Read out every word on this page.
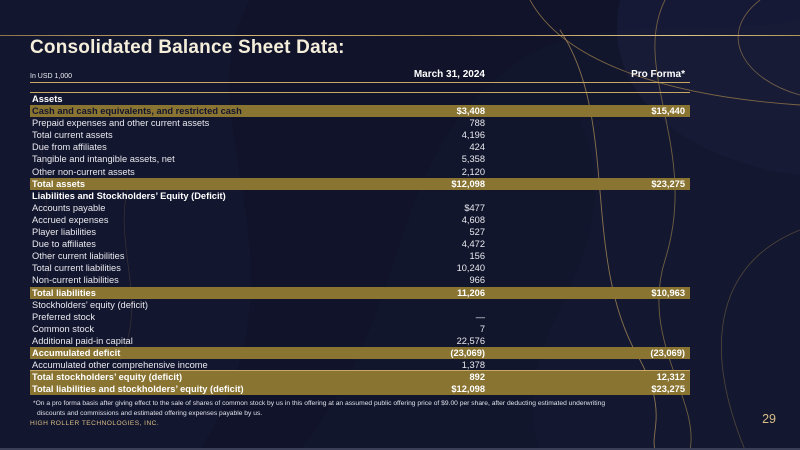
Consolidated Balance Sheet Data:
In USD 1,000	March 31, 2024	Pro Forma*
Assets
Cash and cash equivalents, and restricted cash	$3,408	$15,440
Prepaid expenses and other current assets	788
Total current assets	4,196
Due from affiliates	424
Tangible and intangible assets, net	5,358
Other non-current assets	2,120
Total assets	$12,098	$23,275
Liabilities and Stockholders’ Equity (Deficit)
Accounts payable	$477
Accrued expenses	4,608
Player liabilities	527
Due to affiliates	4,472
Other current liabilities	156
Total current liabilities	10,240
Non-current liabilities	966
Total liabilities	11,206	$10,963
Stockholders’ equity (deficit)
Preferred stock	—
Common stock	7
Additional paid-in capital	22,576
Accumulated deficit	(23,069)	(23,069)
Accumulated other comprehensive income	1,378
Total stockholders’ equity (deficit)	892	12,312
Total liabilities and stockholders’ equity (deficit)	$12,098	$23,275

*On a pro forma basis after giving effect to the sale of shares of common stock by us in this offering at an assumed public offering price of $9.00 per share, after deducting estimated underwriting discounts and commissions and estimated offering expenses payable by us.

HIGH ROLLER TECHNOLOGIES, INC.	29
